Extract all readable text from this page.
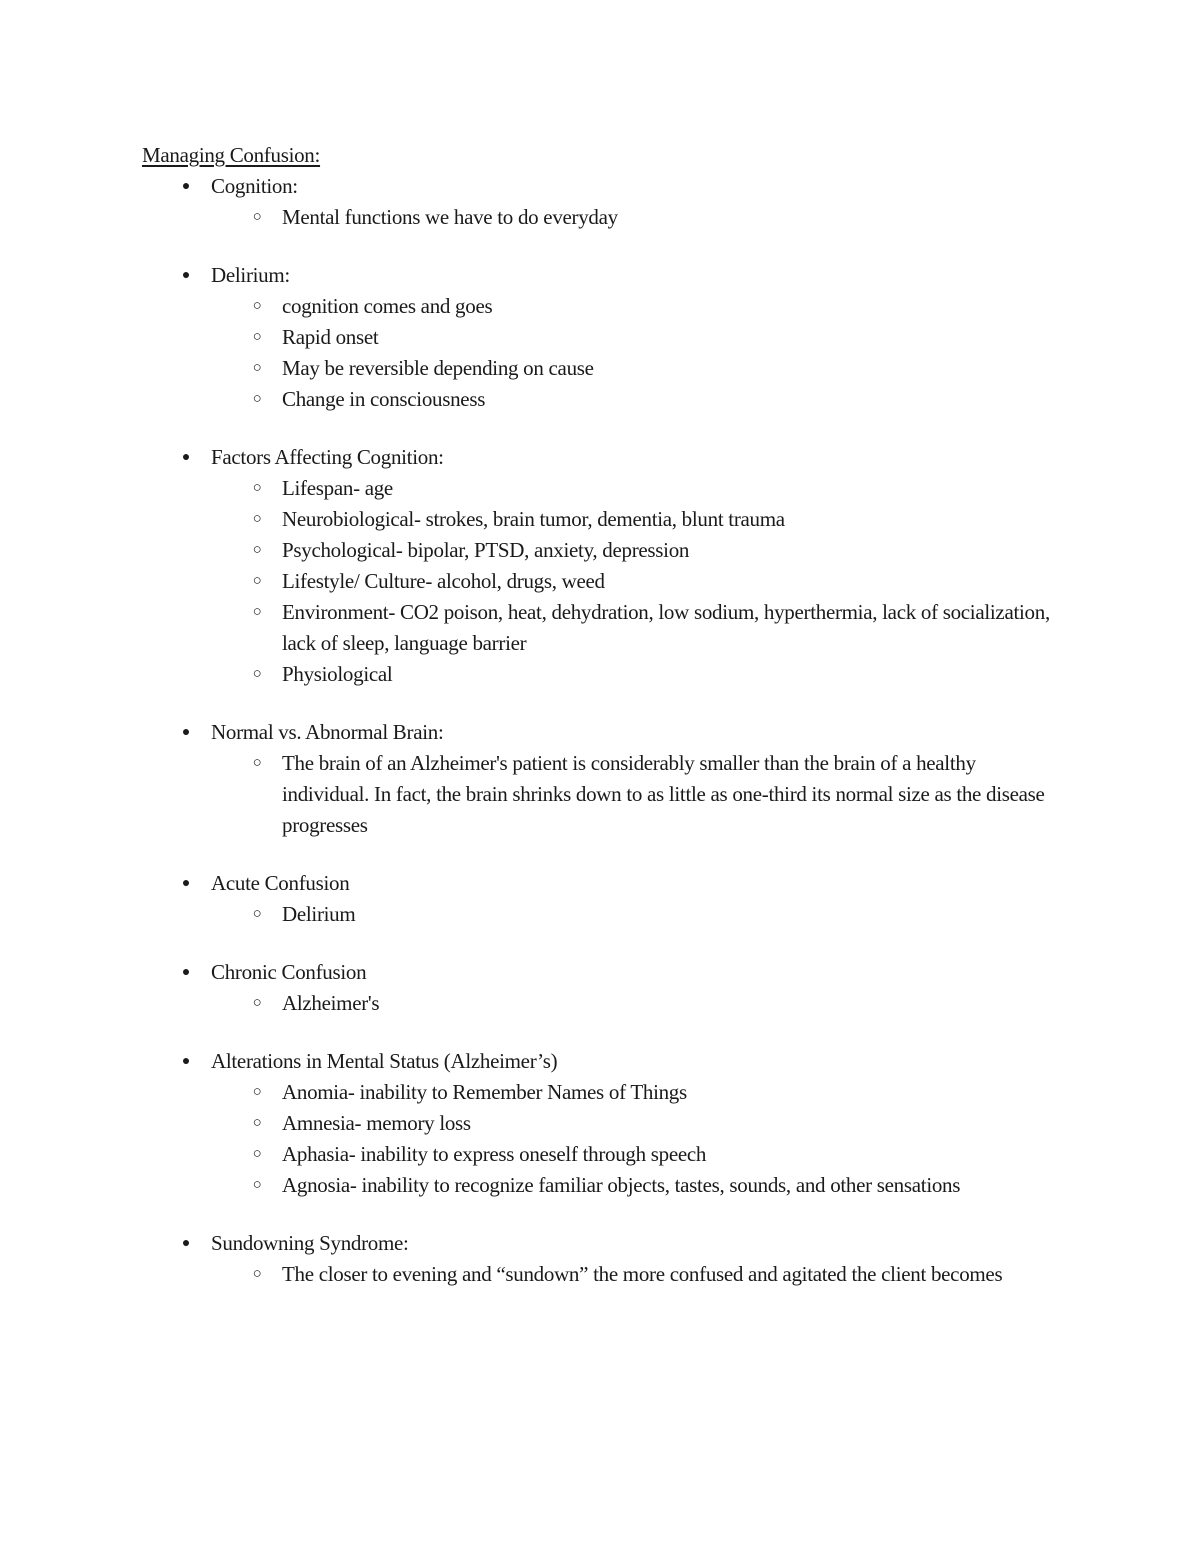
Managing Confusion:
● Cognition:
○ Mental functions we have to do everyday
● Delirium:
○ cognition comes and goes
○ Rapid onset
○ May be reversible depending on cause
○ Change in consciousness
● Factors Affecting Cognition:
○ Lifespan- age
○ Neurobiological- strokes, brain tumor, dementia, blunt trauma
○ Psychological- bipolar, PTSD, anxiety, depression
○ Lifestyle/ Culture- alcohol, drugs, weed
○ Environment- CO2 poison, heat, dehydration, low sodium, hyperthermia, lack of socialization, lack of sleep, language barrier
○ Physiological
● Normal vs. Abnormal Brain:
○ The brain of an Alzheimer's patient is considerably smaller than the brain of a healthy individual. In fact, the brain shrinks down to as little as one-third its normal size as the disease progresses
● Acute Confusion
○ Delirium
● Chronic Confusion
○ Alzheimer's
● Alterations in Mental Status (Alzheimer’s)
○ Anomia- inability to Remember Names of Things
○ Amnesia- memory loss
○ Aphasia- inability to express oneself through speech
○ Agnosia- inability to recognize familiar objects, tastes, sounds, and other sensations
● Sundowning Syndrome:
○ The closer to evening and “sundown” the more confused and agitated the client becomes
